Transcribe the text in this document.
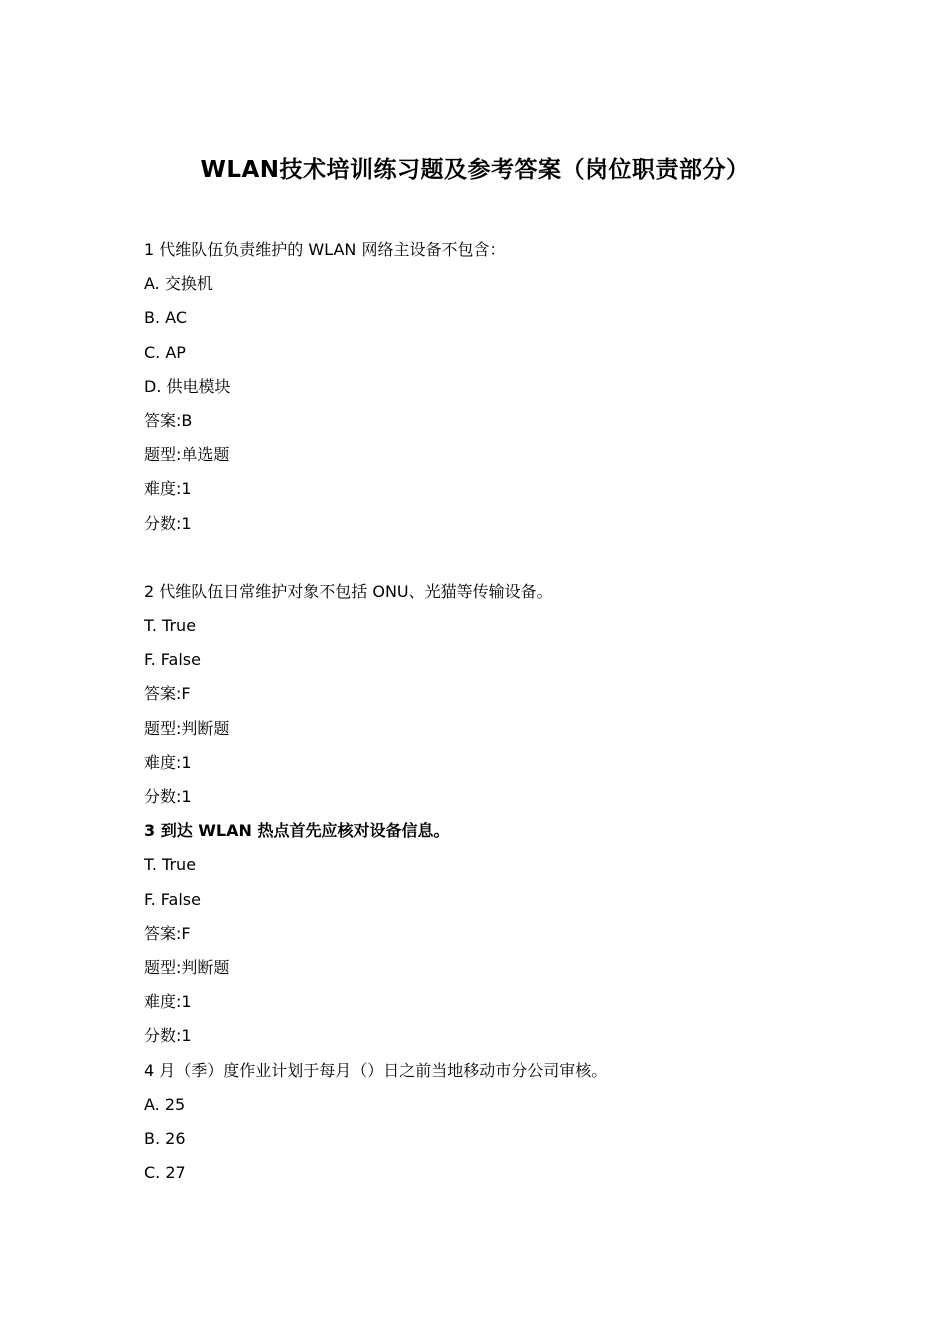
WLAN技术培训练习题及参考答案（岗位职责部分）
1 代维队伍负责维护的 WLAN 网络主设备不包含：
A. 交换机
B. AC
C. AP
D. 供电模块
答案:B
题型:单选题
难度:1
分数:1
2 代维队伍日常维护对象不包括 ONU、光猫等传输设备。
T. True
F. False
答案:F
题型:判断题
难度:1
分数:1
3 到达 WLAN 热点首先应核对设备信息。
T. True
F. False
答案:F
题型:判断题
难度:1
分数:1
4 月（季）度作业计划于每月（）日之前当地移动市分公司审核。
A. 25
B. 26
C. 27
